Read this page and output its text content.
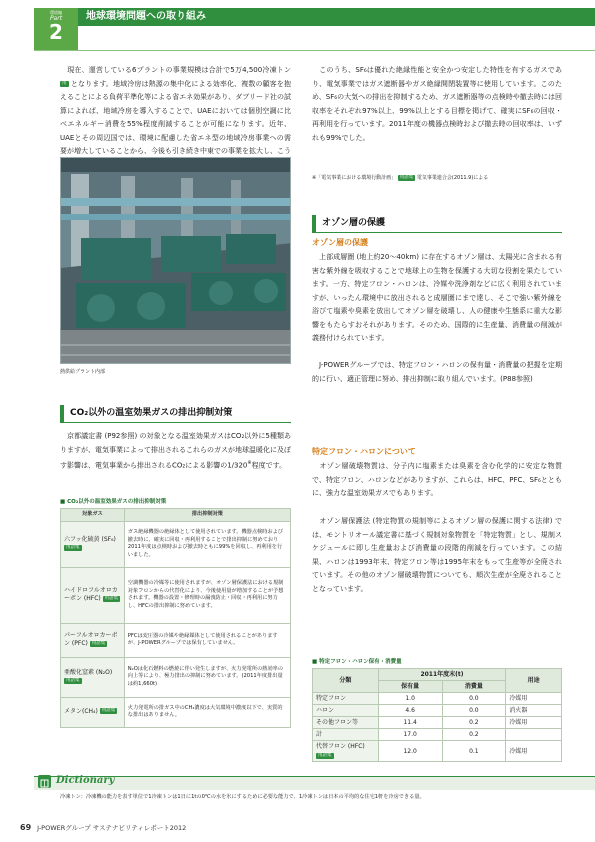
環境編
Part
2
地球環境問題への取り組み
現在、運営している6プラントの事業規模は合計で5万4,500冷凍トン 用 となります。地域冷房は熱源の集中化による効率化、複数の顧客を抱えることによる負荷平準化等による省エネ効果があり、ダブリード社の試算によれば、地域冷房を導入することで、UAEにおいては個別空調に比べエネルギー消費を55%程度削減することが可能になります。近年、UAEとその周辺国では、環境に配慮した省エネ型の地域冷房事業への需要が増大していることから、今後も引き続き中東での事業を拡大し、こう
熱供給プラント内部
CO₂以外の温室効果ガスの排出抑制対策
京都議定書 (P92参照) の対象となる温室効果ガスはCO₂以外に5種類ありますが、電気事業によって排出されるこれらのガスが地球温暖化に及ぼす影響は、電気事業から排出されるCO₂による影響の1/320※程度です。
■ CO₂以外の温室効果ガスの排出抑制対策
対象ガス	排出抑制対策
六フッ化硫黄 (SF₆) 用語集	ガス絶縁機器の絶縁体として使用されています。機器点検時および撤去時に、確実に回収・再利用することで排出抑制に努めており2011年度は点検時および撤去時ともに99%を回収し、再利用を行いました。
ハイドロフルオロカーボン (HFC) 用語集	空調機器の冷媒等に使用されますが、オゾン層保護法における規制対象フロンからの代替化により、今後使用量が増加することが予想されます。機器の設置・修理時の漏洩防止・回収・再利用に努力し、HFCの排出抑制に努めています。
パーフルオロカーボン (PFC) 用語集	PFCは変圧器の冷媒や絶縁媒体として使用されることがありますが、J-POWERグループでは保有していません。
亜酸化窒素 (N₂O) 用語集	N₂Oは化石燃料の燃焼に伴い発生しますが、火力発電所の熱効率の向上等により、極力排出の抑制に努めています。(2011年度排出量は約1,660t)
メタン(CH₄) 用語集	火力発電所の排ガス中のCH₄濃度は大気環境中濃度以下で、実質的な排出はありません。
このうち、SF₆は優れた絶縁性能と安全かつ安定した特性を有するガスであり、電気事業ではガス遮断器やガス絶縁開閉装置等に使用しています。このため、SF₆の大気への排出を抑制するため、ガス遮断器等の点検時や撤去時には回収率をそれぞれ97%以上、99%以上とする目標を掲げて、確実にSF₆の回収・再利用を行っています。2011年度の機器点検時および撤去時の回収率は、いずれも99%でした。
※「電気事業における環境行動計画」 用語集 電気事業連合会(2011.9)による
オゾン層の保護
オゾン層の保護
上部成層圏 (地上約20〜40km) に存在するオゾン層は、太陽光に含まれる有害な紫外線を吸収することで地球上の生物を保護する大切な役割を果たしています。一方、特定フロン・ハロンは、冷媒や洗浄剤などに広く利用されていますが、いったん環境中に放出されると成層圏にまで達し、そこで強い紫外線を浴びて塩素や臭素を放出してオゾン層を破壊し、人の健康や生態系に重大な影響をもたらすおそれがあります。そのため、国際的に生産量、消費量の削減が義務付けられています。
J-POWERグループでは、特定フロン・ハロンの保有量・消費量の把握を定期的に行い、適正管理に努め、排出抑制に取り組んでいます。(P88参照)
特定フロン・ハロンについて
オゾン層破壊物質は、分子内に塩素または臭素を含む化学的に安定な物質で、特定フロン、ハロンなどがありますが、これらは、HFC、PFC、SF₆とともに、強力な温室効果ガスでもあります。
オゾン層保護法 (特定物質の規制等によるオゾン層の保護に関する法律) では、モントリオール議定書に基づく規制対象物質を「特定物質」とし、規制スケジュールに即し生産量および消費量の段階的削減を行っています。この結果、ハロンは1993年末、特定フロン等は1995年末をもって生産等が全廃されています。その他のオゾン層破壊物質についても、順次生産が全廃されることとなっています。
■ 特定フロン・ハロン保有・消費量
分類	2011年度末(t)		用途
	保有量	消費量	
特定フロン	1.0	0.0	冷媒用
ハロン	4.6	0.0	消火器
その他フロン等	11.4	0.2	冷媒用
計	17.0	0.2	
代替フロン (HFC) 用語集	12.0	0.1	冷媒用
Dictionary
冷凍トン：冷凍機の能力を表す単位で1冷凍トンは1日に1tの0℃の水を氷にするために必要な能力で、1冷凍トンは日本の平均的な住宅1軒を冷房できる量。
69 J-POWERグループ サステナビリティレポート2012
